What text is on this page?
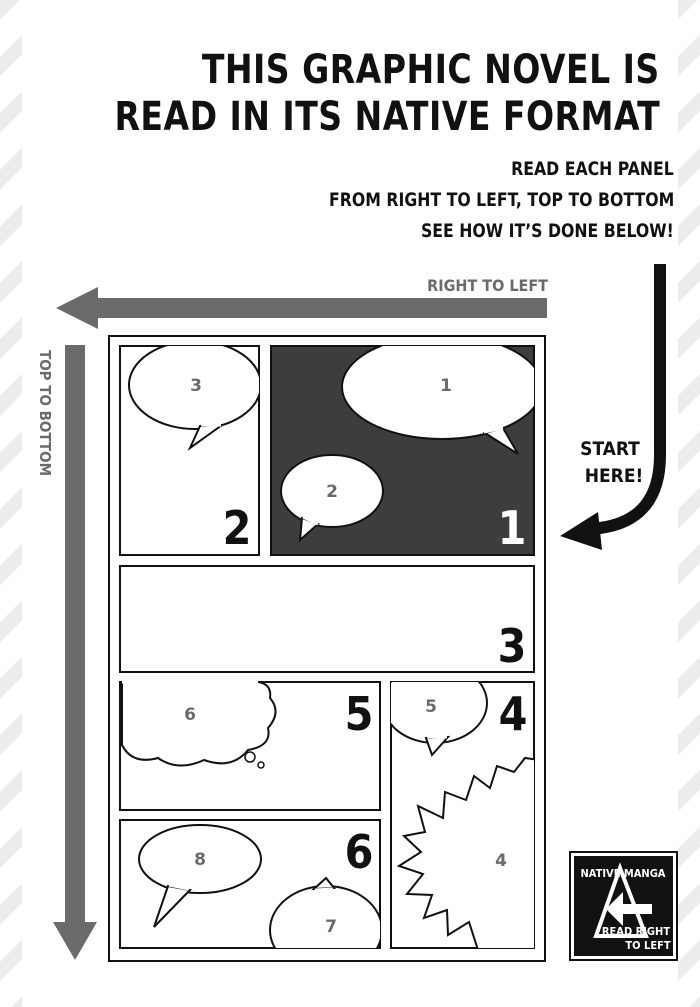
THIS GRAPHIC NOVEL IS
READ IN ITS NATIVE FORMAT
READ EACH PANEL
FROM RIGHT TO LEFT, TOP TO BOTTOM
SEE HOW IT’S DONE BELOW!
RIGHT TO LEFT
TOP TO BOTTOM	START
HERE!
1
2
1
3
2
3
6	5	5
4
4
8
7
6	NATIVE MANGA
READ RIGHT
TO LEFT
